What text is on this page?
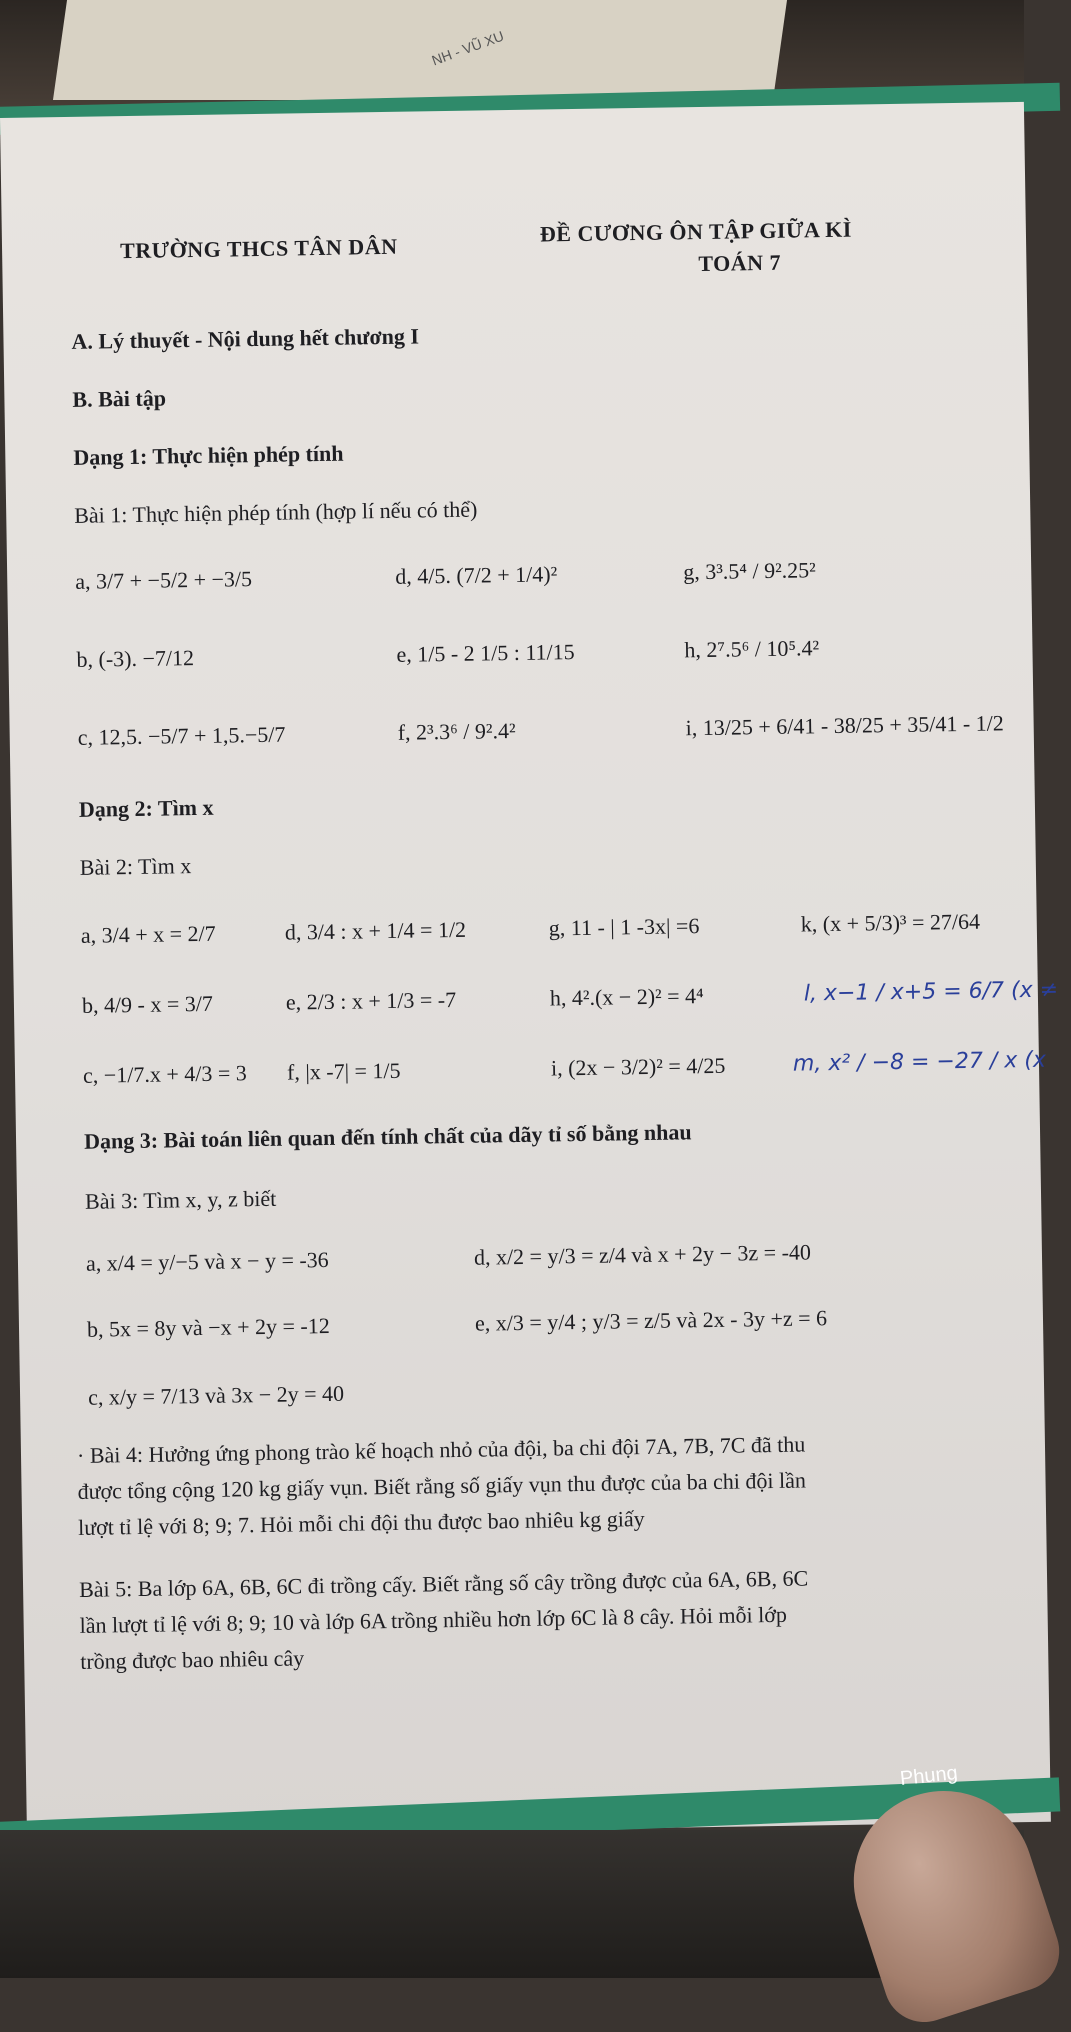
NH - VŨ XU
TRƯỜNG THCS TÂN DÂN
ĐỀ CƯƠNG ÔN TẬP GIỮA KÌ
TOÁN 7
A. Lý thuyết - Nội dung hết chương I
B. Bài tập
Dạng 1: Thực hiện phép tính
Bài 1: Thực hiện phép tính (hợp lí nếu có thể)
a, 3/7 + −5/2 + −3/5	d, 4/5. (7/2 + 1/4)²	g, 3³.5⁴ / 9².25²
b, (-3). −7/12	e, 1/5 - 2 1/5 : 11/15	h, 2⁷.5⁶ / 10⁵.4²
c, 12,5. −5/7 + 1,5.−5/7	f, 2³.3⁶ / 9².4²	i, 13/25 + 6/41 - 38/25 + 35/41 - 1/2
Dạng 2: Tìm x
Bài 2: Tìm x
a, 3/4 + x = 2/7	d, 3/4 : x + 1/4 = 1/2	g, 11 - | 1 -3x| =6	k, (x + 5/3)³ = 27/64
b, 4/9 - x = 3/7	e, 2/3 : x + 1/3 = -7	h, 4².(x − 2)² = 4⁴	l, x−1 / x+5 = 6/7 (x ≠
c, −1/7.x + 4/3 = 3 f, |x -7| = 1/5	i, (2x − 3/2)² = 4/25	m, x² / −8 = −27 / x (x
Dạng 3: Bài toán liên quan đến tính chất của dãy tỉ số bằng nhau
Bài 3: Tìm x, y, z biết
a, x/4 = y/−5 và x − y = -36	d, x/2 = y/3 = z/4 và x + 2y − 3z = -40
b, 5x = 8y và −x + 2y = -12	e, x/3 = y/4 ; y/3 = z/5 và 2x - 3y +z = 6
c, x/y = 7/13 và 3x − 2y = 40
· Bài 4: Hưởng ứng phong trào kế hoạch nhỏ của đội, ba chi đội 7A, 7B, 7C đã thu
được tổng cộng 120 kg giấy vụn. Biết rằng số giấy vụn thu được của ba chi đội lần
lượt tỉ lệ với 8; 9; 7. Hỏi mỗi chi đội thu được bao nhiêu kg giấy
Bài 5: Ba lớp 6A, 6B, 6C đi trồng cấy. Biết rằng số cây trồng được của 6A, 6B, 6C
lần lượt tỉ lệ với 8; 9; 10 và lớp 6A trồng nhiều hơn lớp 6C là 8 cây. Hỏi mỗi lớp
trồng được bao nhiêu cây
Phung
